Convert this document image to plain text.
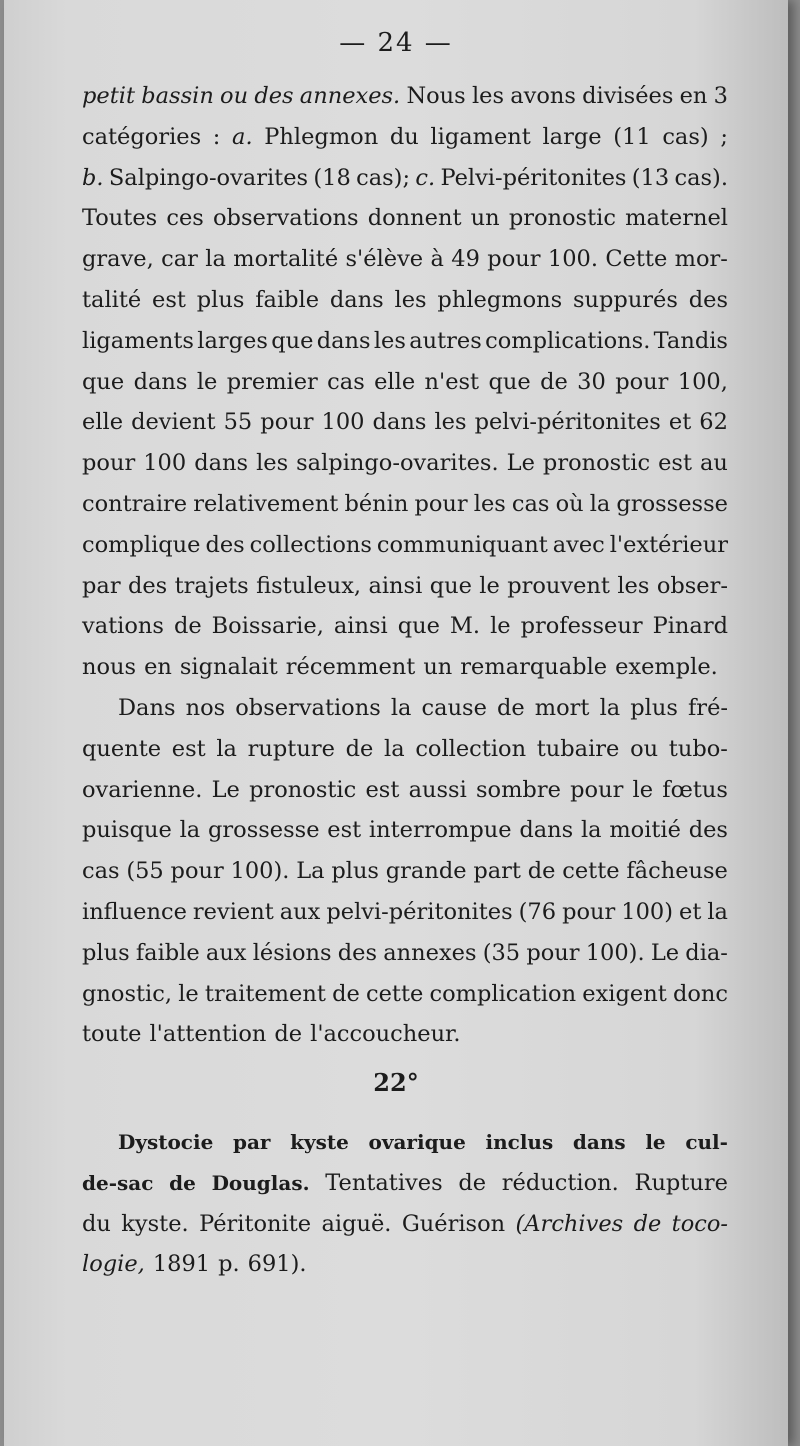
— 24 —
petit bassin ou des annexes. Nous les avons divisées en 3
catégories : a. Phlegmon du ligament large (11 cas) ;
b. Salpingo-ovarites (18 cas); c. Pelvi-péritonites (13 cas).
Toutes ces observations donnent un pronostic maternel
grave, car la mortalité s'élève à 49 pour 100. Cette mor-
talité est plus faible dans les phlegmons suppurés des
ligaments larges que dans les autres complications. Tandis
que dans le premier cas elle n'est que de 30 pour 100,
elle devient 55 pour 100 dans les pelvi-péritonites et 62
pour 100 dans les salpingo-ovarites. Le pronostic est au
contraire relativement bénin pour les cas où la grossesse
complique des collections communiquant avec l'extérieur
par des trajets fistuleux, ainsi que le prouvent les obser-
vations de Boissarie, ainsi que M. le professeur Pinard
nous en signalait récemment un remarquable exemple.
Dans nos observations la cause de mort la plus fré-
quente est la rupture de la collection tubaire ou tubo-
ovarienne. Le pronostic est aussi sombre pour le fœtus
puisque la grossesse est interrompue dans la moitié des
cas (55 pour 100). La plus grande part de cette fâcheuse
influence revient aux pelvi-péritonites (76 pour 100) et la
plus faible aux lésions des annexes (35 pour 100). Le dia-
gnostic, le traitement de cette complication exigent donc
toute l'attention de l'accoucheur.
22°
Dystocie par kyste ovarique inclus dans le cul-
de-sac de Douglas. Tentatives de réduction. Rupture
du kyste. Péritonite aiguë. Guérison (Archives de toco-
logie, 1891 p. 691).
